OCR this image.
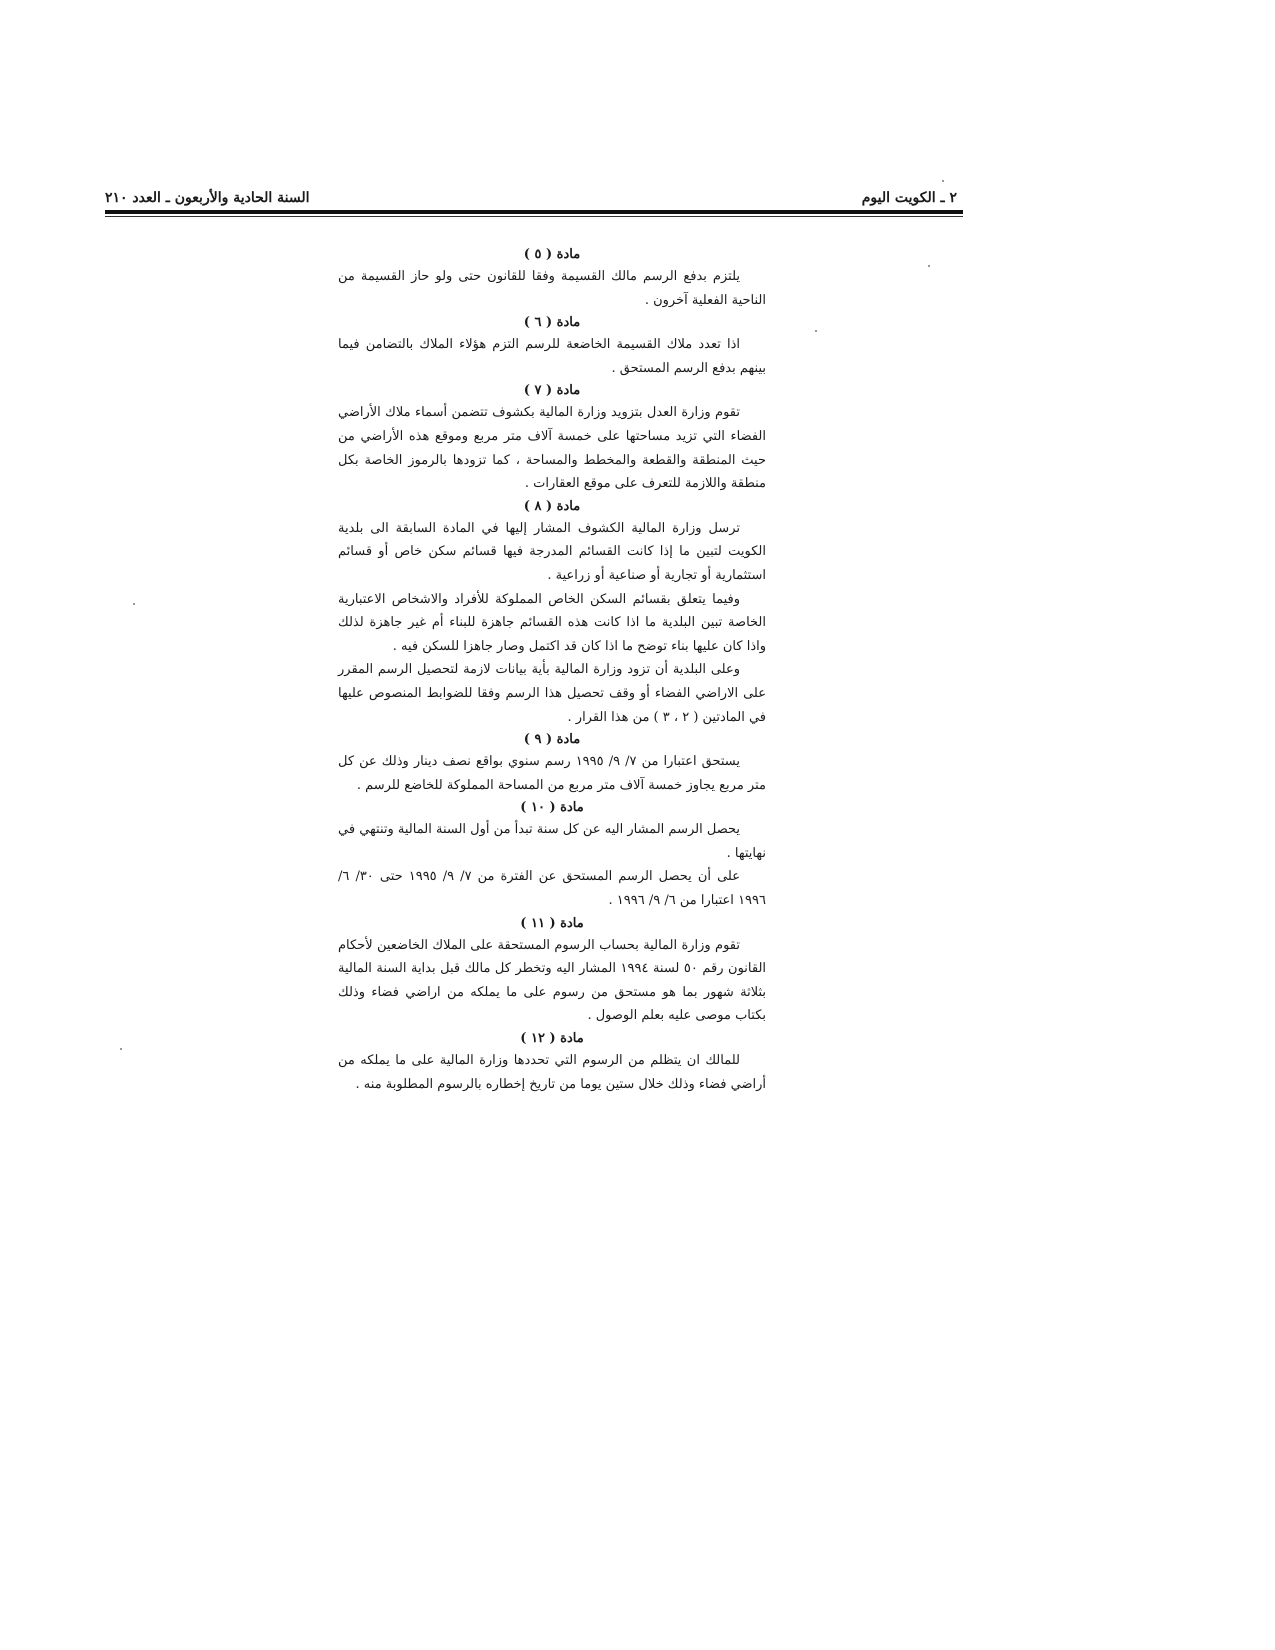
السنة الحادية والأربعون ـ العدد ٢١٠	٢ ـ الكويت اليوم
مادة ( ٥ )

يلتزم بدفع الرسم مالك القسيمة وفقا للقانون حتى ولو حاز القسيمة من الناحية الفعلية آخرون .

مادة ( ٦ )

اذا تعدد ملاك القسيمة الخاضعة للرسم التزم هؤلاء الملاك بالتضامن فيما بينهم بدفع الرسم المستحق .

مادة ( ٧ )

تقوم وزارة العدل بتزويد وزارة المالية بكشوف تتضمن أسماء ملاك الأراضي الفضاء التي تزيد مساحتها على خمسة آلاف متر مربع وموقع هذه الأراضي من حيث المنطقة والقطعة والمخطط والمساحة ، كما تزودها بالرموز الخاصة بكل منطقة واللازمة للتعرف على موقع العقارات .

مادة ( ٨ )

ترسل وزارة المالية الكشوف المشار إليها في المادة السابقة الى بلدية الكويت لتبين ما إذا كانت القسائم المدرجة فيها قسائم سكن خاص أو قسائم استثمارية أو تجارية أو صناعية أو زراعية .

وفيما يتعلق بقسائم السكن الخاص المملوكة للأفراد والاشخاص الاعتبارية الخاصة تبين البلدية ما اذا كانت هذه القسائم جاهزة للبناء أم غير جاهزة لذلك واذا كان عليها بناء توضح ما اذا كان قد اكتمل وصار جاهزا للسكن فيه .

وعلى البلدية أن تزود وزارة المالية بأية بيانات لازمة لتحصيل الرسم المقرر على الاراضي الفضاء أو وقف تحصيل هذا الرسم وفقا للضوابط المنصوص عليها في المادتين ( ٢ ، ٣ ) من هذا القرار .

مادة ( ٩ )

يستحق اعتبارا من ٧/ ٩/ ١٩٩٥ رسم سنوي بواقع نصف دينار وذلك عن كل متر مربع يجاوز خمسة آلاف متر مربع من المساحة المملوكة للخاضع للرسم .

مادة ( ١٠ )

يحصل الرسم المشار اليه عن كل سنة تبدأ من أول السنة المالية وتنتهي في نهايتها .

على أن يحصل الرسم المستحق عن الفترة من ٧/ ٩/ ١٩٩٥ حتى ٣٠/ ٦/ ١٩٩٦ اعتبارا من ٦/ ٩/ ١٩٩٦ .

مادة ( ١١ )

تقوم وزارة المالية بحساب الرسوم المستحقة على الملاك الخاضعين لأحكام القانون رقم ٥٠ لسنة ١٩٩٤ المشار اليه وتخطر كل مالك قبل بداية السنة المالية بثلاثة شهور بما هو مستحق من رسوم على ما يملكه من اراضي فضاء وذلك بكتاب موصى عليه بعلم الوصول .

مادة ( ١٢ )

للمالك ان يتظلم من الرسوم التي تحددها وزارة المالية على ما يملكه من أراضي فضاء وذلك خلال ستين يوما من تاريخ إخطاره بالرسوم المطلوبة منه .
